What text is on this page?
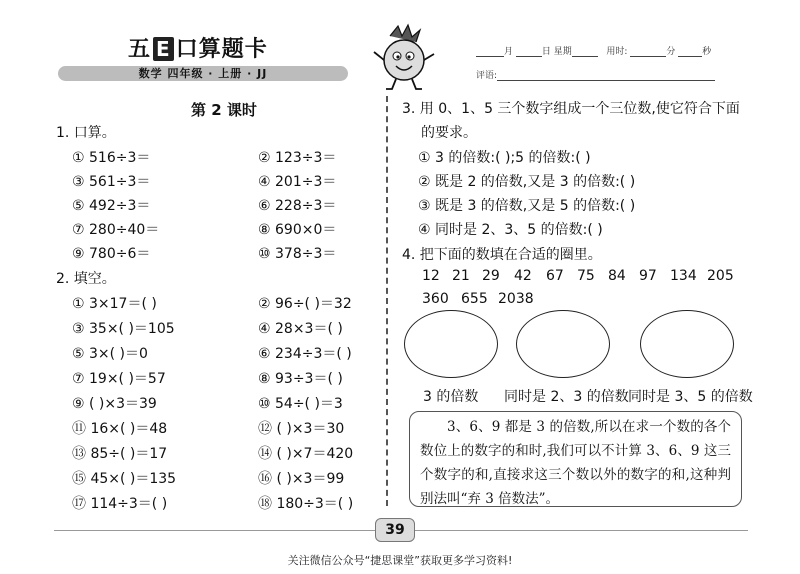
五 E 口算题卡
数学 四年级 · 上册 · JJ
月	日 星期	用时:	分	秒
评语:
第 2 课时
1. 口算。
① 516÷3＝	② 123÷3＝
③ 561÷3＝	④ 201÷3＝
⑤ 492÷3＝	⑥ 228÷3＝
⑦ 280÷40＝	⑧ 690×0＝
⑨ 780÷6＝	⑩ 378÷3＝
2. 填空。
① 3×17＝( )	② 96÷( )＝32
③ 35×( )＝105	④ 28×3＝( )
⑤ 3×( )＝0	⑥ 234÷3＝( )
⑦ 19×( )＝57	⑧ 93÷3＝( )
⑨ ( )×3＝39	⑩ 54÷( )＝3
⑪ 16×( )＝48	⑫ ( )×3＝30
⑬ 85÷( )＝17	⑭ ( )×7＝420
⑮ 45×( )＝135	⑯ ( )×3＝99
⑰ 114÷3＝( )	⑱ 180÷3＝( )
3. 用 0、1、5 三个数字组成一个三位数,使它符合下面
的要求。
① 3 的倍数:( );5 的倍数:( )
② 既是 2 的倍数,又是 3 的倍数:( )
③ 既是 3 的倍数,又是 5 的倍数:( )
④ 同时是 2、3、5 的倍数:( )
4. 把下面的数填在合适的圈里。
12 21 29 42 67 75 84 97 134 205
360 655 2038
3 的倍数 同时是 2、3 的倍数 同时是 3、5 的倍数
3、6、9 都是 3 的倍数,所以在求一个数的各个数位上的数字的和时,我们可以不计算 3、6、9 这三个数字的和,直接求这三个数以外的数字的和,这种判别法叫“弃 3 倍数法”。
39
关注微信公众号“捷思课堂”获取更多学习资料!
